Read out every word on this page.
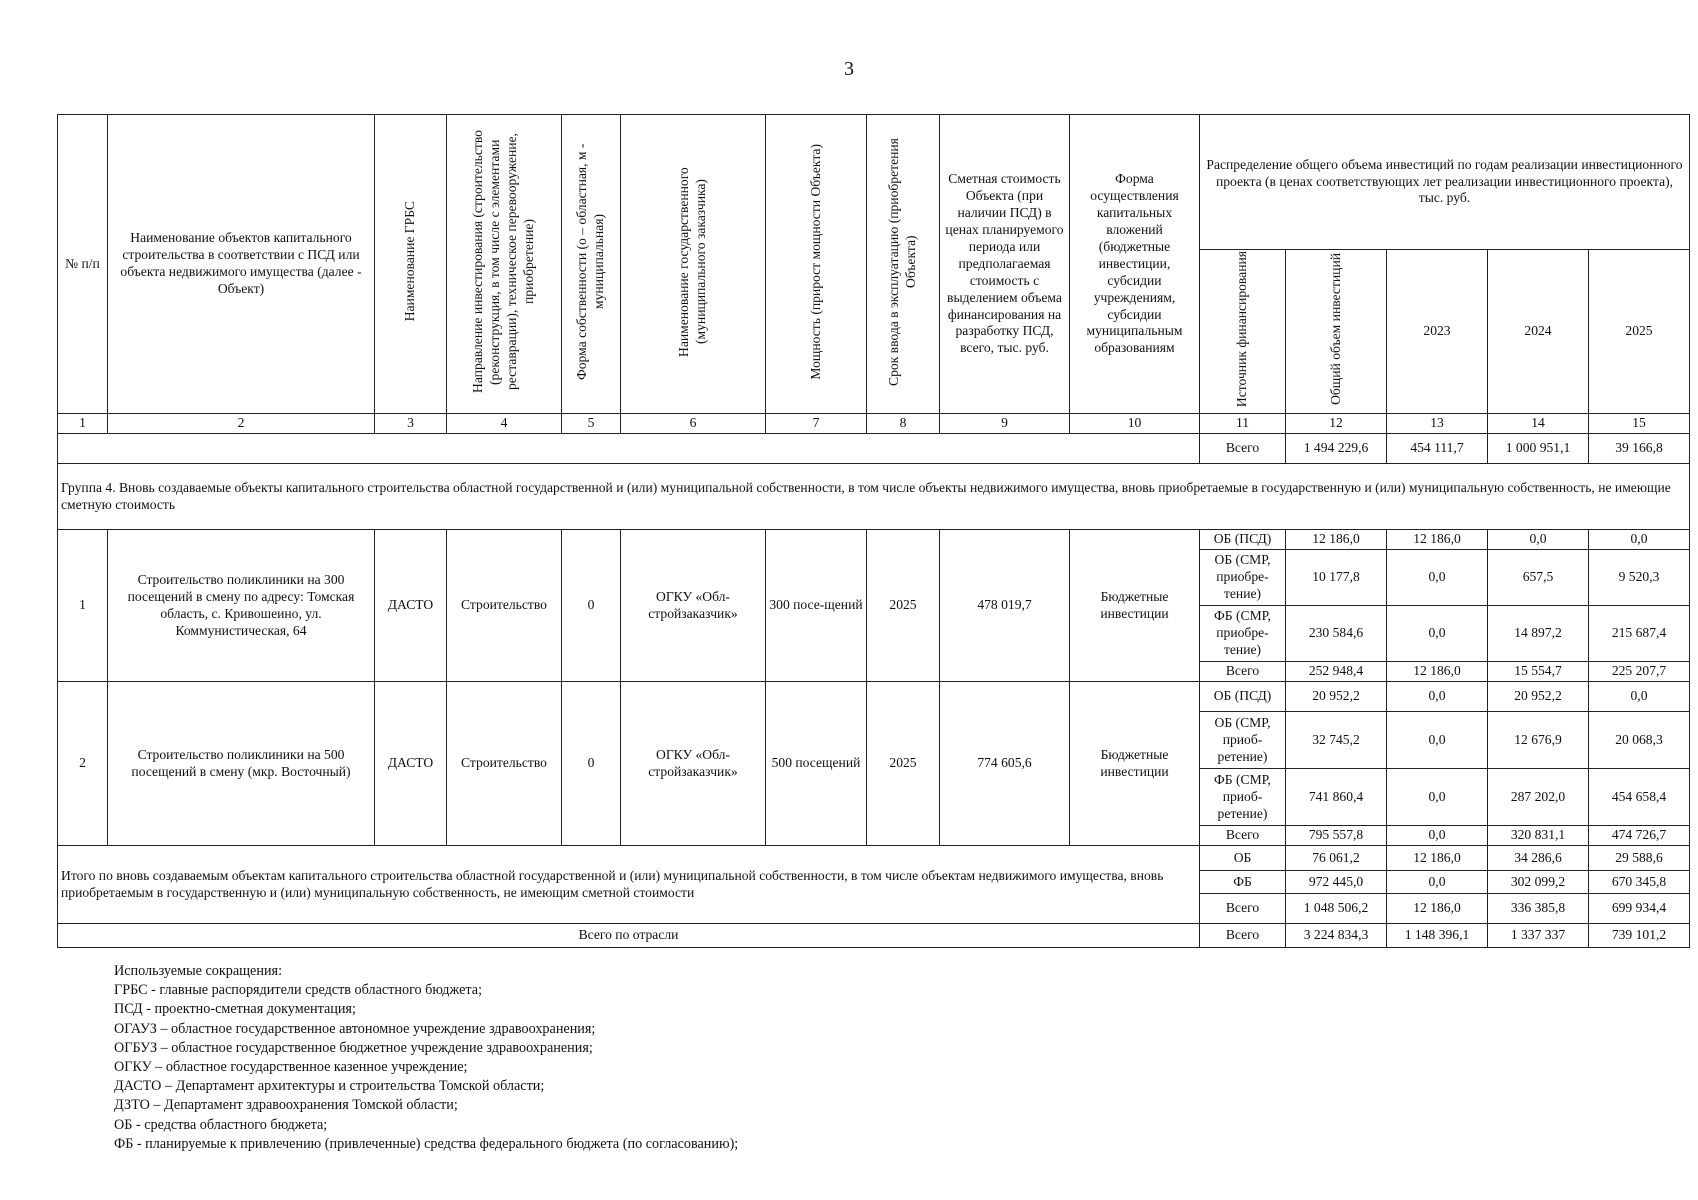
3
№ п/п	Наименование объектов капитального строительства в соответствии с ПСД или объекта недвижимого имущества (далее - Объект)	Наименование ГРБС	Направление инвестирования (строительство (реконструкция, в том числе с элементами реставрации), техническое перевооружение, приобретение)	Форма собственности (о – областная, м - муниципальная)	Наименование государственного (муниципального заказчика)	Мощность (прирост мощности Объекта)	Срок ввода в эксплуатацию (приобретения Объекта)	Сметная стоимость Объекта (при наличии ПСД) в ценах планируемого периода или предполагаемая стоимость с выделением объема финансирования на разработку ПСД, всего, тыс. руб.	Форма осуществления капитальных вложений (бюджетные инвестиции, субсидии учреждениям, субсидии муниципальным образованиям	Распределение общего объема инвестиций по годам реализации инвестиционного проекта (в ценах соответствующих лет реализации инвестиционного проекта), тыс. руб.				
										Источник финансирования	Общий объем инвестиций	2023	2024	2025
1	2	3	4	5	6	7	8	9	10	11	12	13	14	15
										Всего	1 494 229,6	454 111,7	1 000 951,1	39 166,8
Группа 4. Вновь создаваемые объекты капитального строительства областной государственной и (или) муниципальной собственности, в том числе объекты недвижимого имущества, вновь приобретаемые в государственную и (или) муниципальную собственность, не имеющие сметную стоимость														
1	Строительство поликлиники на 300 посещений в смену по адресу: Томская область, с. Кривошеино, ул. Коммунистическая, 64	ДАСТО	Строительство	0	ОГКУ «Обл-стройзаказчик»	300 посе-щений	2025	478 019,7	Бюджетные инвестиции	ОБ (ПСД)	12 186,0	12 186,0	0,0	0,0
										ОБ (СМР, приобре-тение)	10 177,8	0,0	657,5	9 520,3
										ФБ (СМР, приобре-тение)	230 584,6	0,0	14 897,2	215 687,4
										Всего	252 948,4	12 186,0	15 554,7	225 207,7
2	Строительство поликлиники на 500 посещений в смену (мкр. Восточный)	ДАСТО	Строительство	0	ОГКУ «Обл-стройзаказчик»	500 посещений	2025	774 605,6	Бюджетные инвестиции	ОБ (ПСД)	20 952,2	0,0	20 952,2	0,0
										ОБ (СМР, приоб-ретение)	32 745,2	0,0	12 676,9	20 068,3
										ФБ (СМР, приоб-ретение)	741 860,4	0,0	287 202,0	454 658,4
										Всего	795 557,8	0,0	320 831,1	474 726,7
Итого по вновь создаваемым объектам капитального строительства областной государственной и (или) муниципальной собственности, в том числе объектам недвижимого имущества, вновь приобретаемым в государственную и (или) муниципальную собственность, не имеющим сметной стоимости										ОБ	76 061,2	12 186,0	34 286,6	29 588,6
										ФБ	972 445,0	0,0	302 099,2	670 345,8
										Всего	1 048 506,2	12 186,0	336 385,8	699 934,4
Всего по отрасли										Всего	3 224 834,3	1 148 396,1	1 337 337	739 101,2
Используемые сокращения:
ГРБС - главные распорядители средств областного бюджета;
ПСД - проектно-сметная документация;
ОГАУЗ – областное государственное автономное учреждение здравоохранения;
ОГБУЗ – областное государственное бюджетное учреждение здравоохранения;
ОГКУ – областное государственное казенное учреждение;
ДАСТО – Департамент архитектуры и строительства Томской области;
ДЗТО – Департамент здравоохранения Томской области;
ОБ - средства областного бюджета;
ФБ - планируемые к привлечению (привлеченные) средства федерального бюджета (по согласованию);
